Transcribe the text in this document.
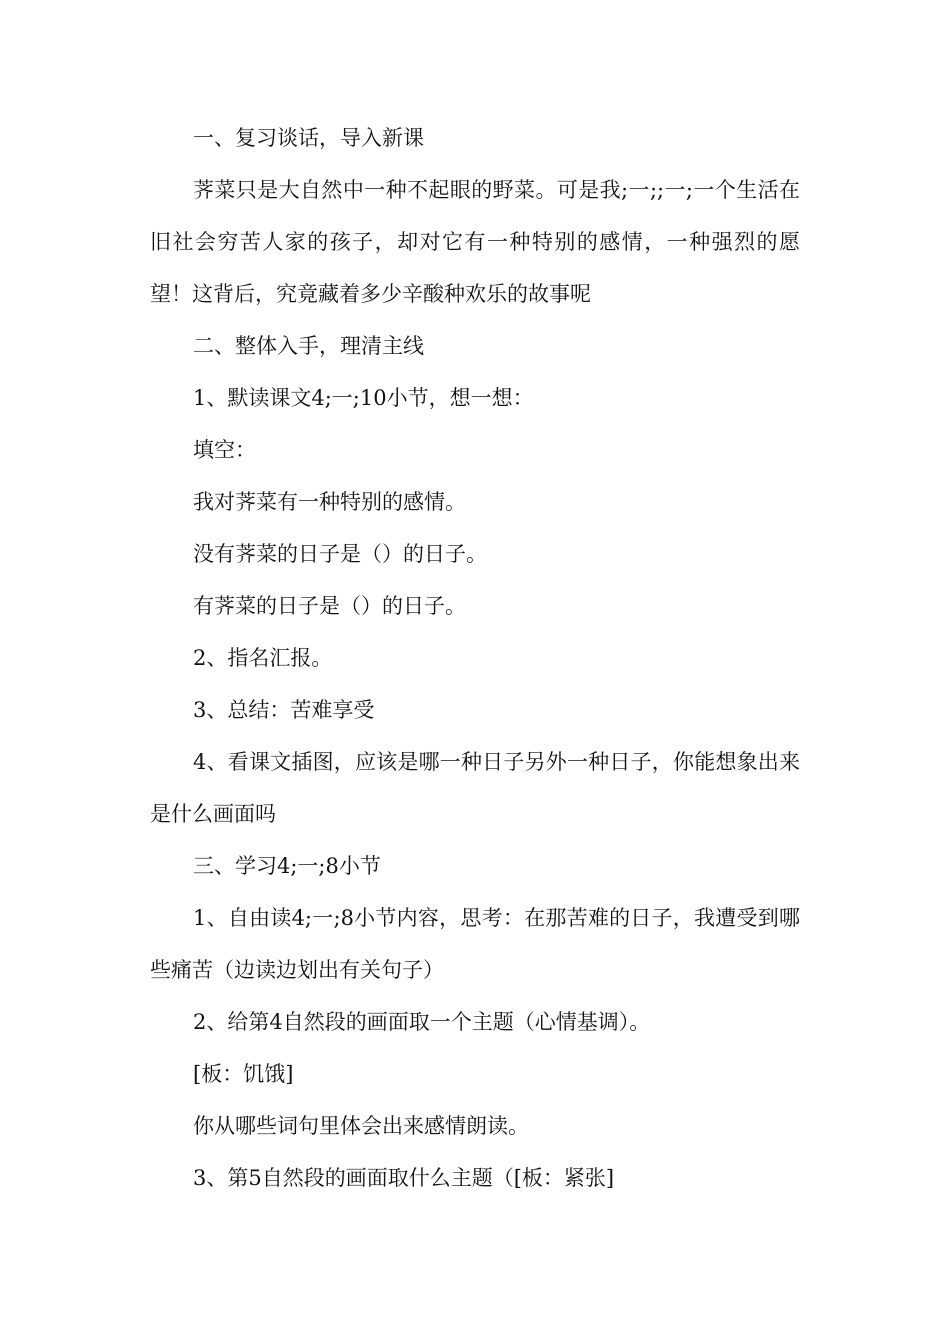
一、复习谈话，导入新课

荠菜只是大自然中一种不起眼的野菜。可是我;一;;一;一个生活在旧社会穷苦人家的孩子，却对它有一种特别的感情，一种强烈的愿望！这背后，究竟藏着多少辛酸种欢乐的故事呢

二、整体入手，理清主线

1、默读课文4;一;10小节，想一想：

填空：

我对荠菜有一种特别的感情。

没有荠菜的日子是（）的日子。

有荠菜的日子是（）的日子。

2、指名汇报。

3、总结：苦难享受

4、看课文插图，应该是哪一种日子另外一种日子，你能想象出来是什么画面吗

三、学习4;一;8小节

1、自由读4;一;8小节内容，思考：在那苦难的日子，我遭受到哪些痛苦（边读边划出有关句子）

2、给第4自然段的画面取一个主题（心情基调）。

[板：饥饿]

你从哪些词句里体会出来感情朗读。

3、第5自然段的画面取什么主题（[板：紧张]
